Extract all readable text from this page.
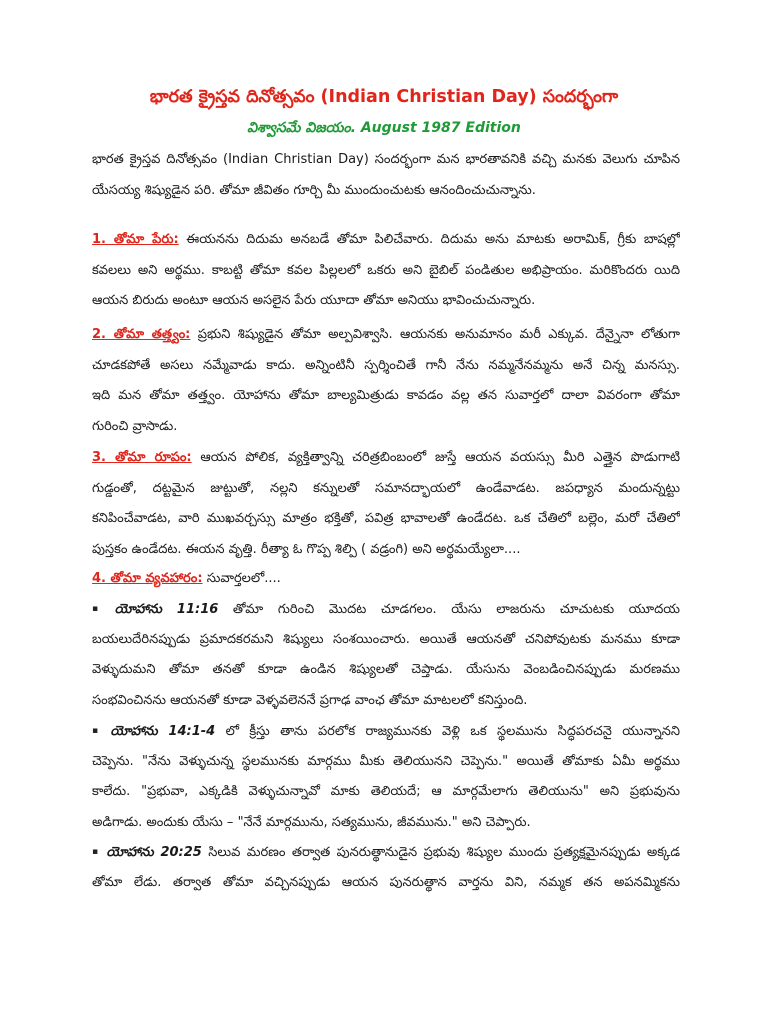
భారత క్రైస్తవ దినోత్సవం (Indian Christian Day) సందర్భంగా
విశ్వాసమే విజయం. August 1987 Edition
భారత క్రైస్తవ దినోత్సవం (Indian Christian Day) సందర్భంగా మన భారతావనికి వచ్చి మనకు వెలుగు చూపిన
యేసయ్య శిష్యుడైన పరి. తోమా జీవితం గూర్చి మీ ముందుంచుటకు ఆనందించుచున్నాను.
1. తోమా పేరు: ఈయనను దిదుమ అనబడే తోమా పిలిచేవారు. దిదుమ అను మాటకు అరామిక్, గ్రీకు బాషల్లో
కవలలు అని అర్థము. కాబట్టి తోమా కవల పిల్లలలో ఒకరు అని బైబిల్ పండితుల అభిప్రాయం. మరికొందరు యిది
ఆయన బిరుదు అంటూ ఆయన అసలైన పేరు యూదా తోమా అనియు భావించుచున్నారు.
2. తోమా తత్త్వం: ప్రభుని శిష్యుడైన తోమా అల్పవిశ్వాసి. ఆయనకు అనుమానం మరీ ఎక్కువ. దేన్నైనా లోతుగా
చూడకపోతే అసలు నమ్మేవాడు కాదు. అన్నింటినీ స్పర్శించితే గానీ నేను నమ్మనేనమ్మను అనే చిన్న మనస్సు.
ఇది మన తోమా తత్త్వం. యోహాను తోమా బాల్యమిత్రుడు కావడం వల్ల తన సువార్తలో దాలా వివరంగా తోమా
గురించి వ్రాసాడు.
3. తోమా రూపం: ఆయన పోలిక, వ్యక్తిత్వాన్ని చరిత్రబింబంలో జుస్తే ఆయన వయస్సు మీరి ఎత్తైన పొడుగాటి
గుడ్డంతో, దట్టమైన జుట్టుతో, నల్లని కన్నులతో సమానద్భాయలో ఉండేవాడట. జపధ్యాన మందున్నట్టు
కనిపించేవాడట, వారి ముఖవర్చస్సు మాత్రం భక్తితో, పవిత్ర భావాలతో ఉండేదట. ఒక చేతిలో బల్లెం, మరో చేతిలో
పుస్తకం ఉండేదట. ఈయన వృత్తి. రీత్యా ఓ గొప్ప శిల్పి ( వడ్రంగి) అని అర్థమయ్యేలా....
4. తోమా వ్యవహారం: సువార్తలలో....
▪ యోహాను 11:16 తోమా గురించి మొదట చూడగలం. యేసు లాజరును చూచుటకు యూదయ
బయలుదేరినప్పుడు ప్రమాదకరమని శిష్యులు సంశయించారు. అయితే ఆయనతో చనిపోవుటకు మనము కూడా
వెళ్ళుదుమని తోమా తనతో కూడా ఉండిన శిష్యులతో చెప్తాడు. యేసును వెంబడించినప్పుడు మరణము
సంభవించినను ఆయనతో కూడా వెళ్ళవలెననే ప్రగాఢ వాంఛ తోమా మాటలలో కనిస్తుంది.
▪ యోహాను 14:1-4 లో క్రీస్తు తాను పరలోక రాజ్యమునకు వెళ్లి ఒక స్థలమును సిద్ధపరచనై యున్నానని
చెప్పెను. "నేను వెళ్ళుచున్న స్థలమునకు మార్గము మీకు తెలియునని చెప్పెను." అయితే తోమాకు ఏమీ అర్థము
కాలేదు. "ప్రభువా, ఎక్కడికి వెళ్ళుచున్నావో మాకు తెలియదే; ఆ మార్గమేలాగు తెలియును" అని ప్రభువును
అడిగాడు. అందుకు యేసు – "నేనే మార్గమును, సత్యమును, జీవమును." అని చెప్పారు.
▪ యోహాను 20:25 సిలువ మరణం తర్వాత పునరుత్థానుడైన ప్రభువు శిష్యుల ముందు ప్రత్యక్షమైనప్పుడు అక్కడ
తోమా లేడు. తర్వాత తోమా వచ్చినప్పుడు ఆయన పునరుత్థాన వార్తను విని, నమ్మక తన అపనమ్మికను
